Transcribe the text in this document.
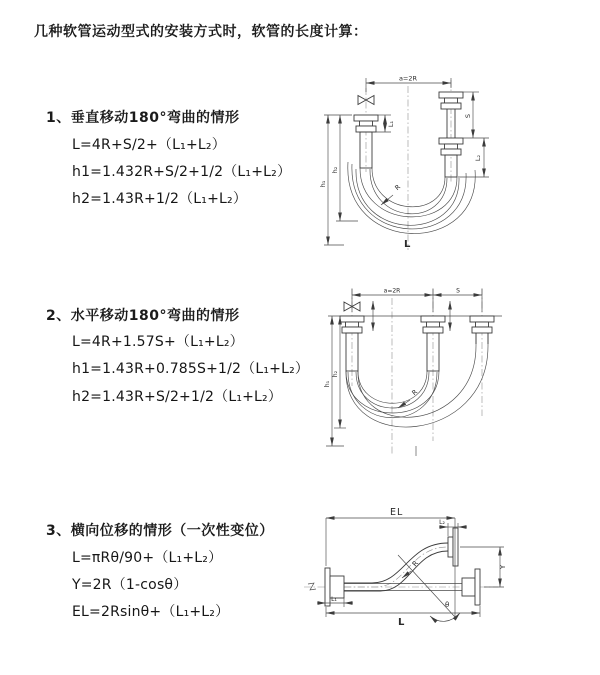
几种软管运动型式的安装方式时，软管的长度计算：
1、垂直移动180°弯曲的情形
L=4R+S/2+（L₁+L₂）
h1=1.432R+S/2+1/2（L₁+L₂）
h2=1.43R+1/2（L₁+L₂）
a=2R
h₁
h₂
L₁
S
L₂
R
L
2、水平移动180°弯曲的情形
L=4R+1.57S+（L₁+L₂）
h1=1.43R+0.785S+1/2（L₁+L₂）
h2=1.43R+S/2+1/2（L₁+L₂）
a=2R	S
h₁
h₂
R
3、横向位移的情形（一次性变位）
L=πRθ/90+（L₁+L₂）
Y=2R（1-cosθ）
EL=2Rsinθ+（L₁+L₂）
EL
L₂
R	Y
θ
L
L₁
